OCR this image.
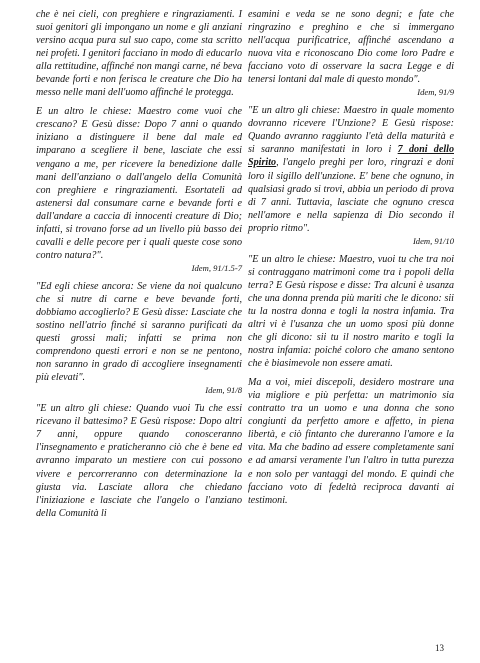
che è nei cieli, con preghiere e ringraziamenti. I suoi genitori gli impongano un nome e gli anziani versino acqua pura sul suo capo, come sta scritto nei profeti. I genitori facciano in modo di educarlo alla rettitudine, affinché non mangi carne, né beva bevande forti e non ferisca le creature che Dio ha messo nelle mani dell'uomo affinché le protegga.

E un altro le chiese: Maestro come vuoi che crescano? E Gesù disse: Dopo 7 anni o quando iniziano a distinguere il bene dal male ed imparano a scegliere il bene, lasciate che essi vengano a me, per ricevere la benedizione dalle mani dell'anziano o dall'angelo della Comunità con preghiere e ringraziamenti. Esortateli ad astenersi dal consumare carne e bevande forti e dall'andare a caccia di innocenti creature di Dio; infatti, si trovano forse ad un livello più basso dei cavalli e delle pecore per i quali queste cose sono contro natura?".

Idem, 91/1.5-7

"Ed egli chiese ancora: Se viene da noi qualcuno che si nutre di carne e beve bevande forti, dobbiamo accoglierlo? E Gesù disse: Lasciate che sostino nell'atrio finché si saranno purificati da questi grossi mali; infatti se prima non comprendono questi errori e non se ne pentono, non saranno in grado di accogliere insegnamenti più elevati".

Idem, 91/8

"E un altro gli chiese: Quando vuoi Tu che essi ricevano il battesimo? E Gesù rispose: Dopo altri 7 anni, oppure quando conosceranno l'insegnamento e praticheranno ciò che è bene ed avranno imparato un mestiere con cui possono vivere e percorreranno con determinazione la giusta via. Lasciate allora che chiedano l'iniziazione e lasciate che l'angelo o l'anziano della Comunità li

esamini e veda se ne sono degni; e fate che ringrazino e preghino e che si immergano nell'acqua purificatrice, affinché ascendano a nuova vita e riconoscano Dio come loro Padre e facciano voto di osservare la sacra Legge e di tenersi lontani dal male di questo mondo".

Idem, 91/9

"E un altro gli chiese: Maestro in quale momento dovranno ricevere l'Unzione? E Gesù rispose: Quando avranno raggiunto l'età della maturità e si saranno manifestati in loro i 7 doni dello Spirito, l'angelo preghi per loro, ringrazi e doni loro il sigillo dell'unzione. E' bene che ognuno, in qualsiasi grado si trovi, abbia un periodo di prova di 7 anni. Tuttavia, lasciate che ognuno cresca nell'amore e nella sapienza di Dio secondo il proprio ritmo".

Idem, 91/10

"E un altro le chiese: Maestro, vuoi tu che tra noi si contraggano matrimoni come tra i popoli della terra? E Gesù rispose e disse: Tra alcuni è usanza che una donna prenda più mariti che le dicono: sii tu la nostra donna e togli la nostra infamia. Tra altri vi è l'usanza che un uomo sposi più donne che gli dicono: sii tu il nostro marito e togli la nostra infamia: poiché coloro che amano sentono che è biasimevole non essere amati.

Ma a voi, miei discepoli, desidero mostrare una via migliore e più perfetta: un matrimonio sia contratto tra un uomo e una donna che sono congiunti da perfetto amore e affetto, in piena libertà, e ciò fintanto che dureranno l'amore e la vita. Ma che badino ad essere completamente sani e ad amarsi veramente l'un l'altro in tutta purezza e non solo per vantaggi del mondo. E quindi che facciano voto di fedeltà reciproca davanti ai testimoni.

13
